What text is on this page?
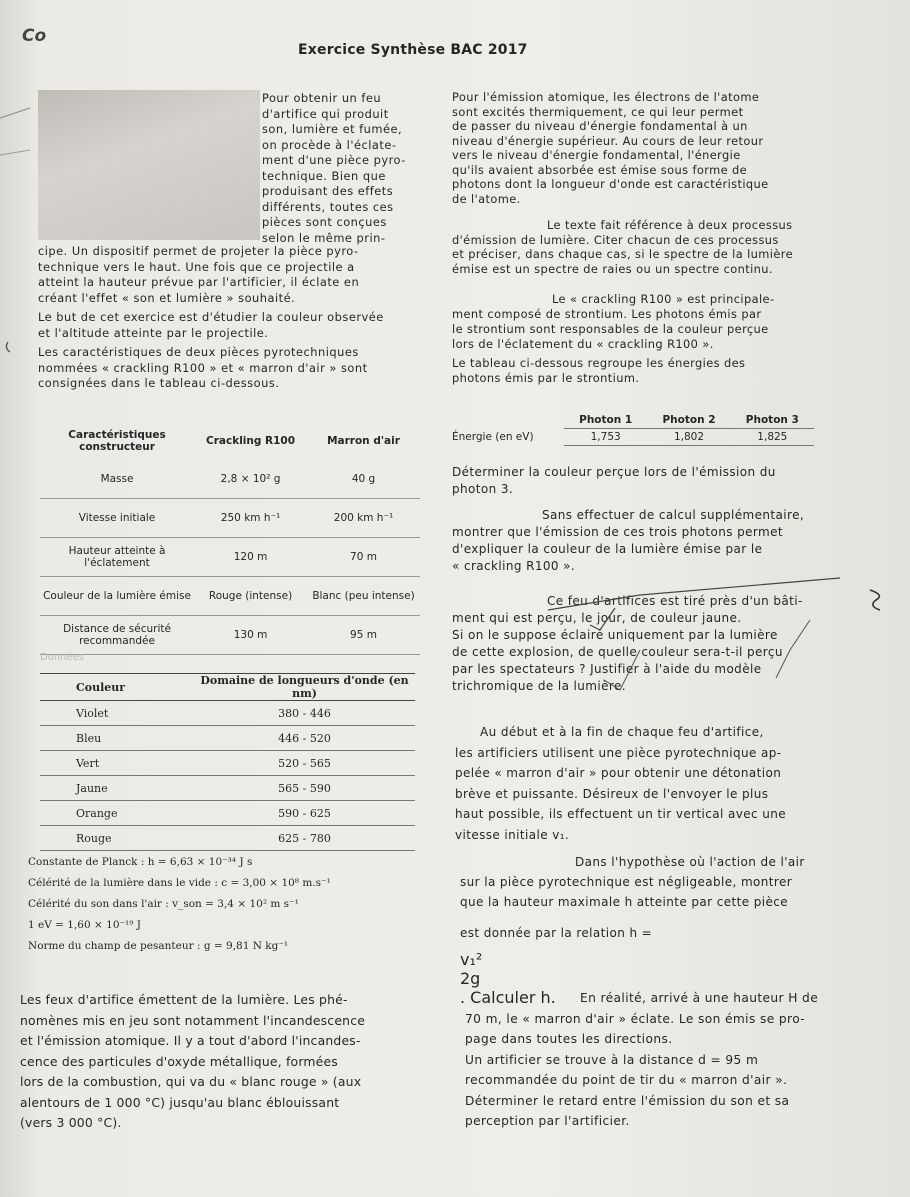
Co
Exercice Synthèse BAC 2017

Pour obtenir un feu

d'artifice qui produit

son, lumière et fumée,

on procède à l'éclate-

ment d'une pièce pyro-

technique. Bien que

produisant des effets

différents, toutes ces

pièces sont conçues

selon le même prin-

cipe. Un dispositif permet de projeter la pièce pyro-

technique vers le haut. Une fois que ce projectile a

atteint la hauteur prévue par l'artificier, il éclate en

créant l'effet « son et lumière » souhaité.

Le but de cet exercice est d'étudier la couleur observée

et l'altitude atteinte par le projectile.

Les caractéristiques de deux pièces pyrotechniques

nommées « crackling R100 » et « marron d'air » sont

consignées dans le tableau ci-dessous.

Caractéristiques constructeur	Crackling R100	Marron d'air
Masse	2,8 × 10² g	40 g
Vitesse initiale	250 km h⁻¹	200 km h⁻¹
Hauteur atteinte à l'éclatement	120 m	70 m
Couleur de la lumière émise	Rouge (intense)	Blanc (peu intense)
Distance de sécurité recommandée	130 m	95 m
Données
Couleur	Domaine de longueurs d'onde (en nm)
Violet	380 - 446
Bleu	446 - 520
Vert	520 - 565
Jaune	565 - 590
Orange	590 - 625
Rouge	625 - 780
Constante de Planck : h = 6,63 × 10⁻³⁴ J s
Célérité de la lumière dans le vide : c = 3,00 × 10⁸ m.s⁻¹
Célérité du son dans l'air : v_son = 3,4 × 10² m s⁻¹
1 eV = 1,60 × 10⁻¹⁹ J
Norme du champ de pesanteur : g = 9,81 N kg⁻¹

Les feux d'artifice émettent de la lumière. Les phé-

nomènes mis en jeu sont notamment l'incandescence

et l'émission atomique. Il y a tout d'abord l'incandes-

cence des particules d'oxyde métallique, formées

lors de la combustion, qui va du « blanc rouge » (aux

alentours de 1 000 °C) jusqu'au blanc éblouissant

(vers 3 000 °C).

Pour l'émission atomique, les électrons de l'atome

sont excités thermiquement, ce qui leur permet

de passer du niveau d'énergie fondamental à un

niveau d'énergie supérieur. Au cours de leur retour

vers le niveau d'énergie fondamental, l'énergie

qu'ils avaient absorbée est émise sous forme de

photons dont la longueur d'onde est caractéristique

de l'atome.

Le texte fait référence à deux processus

d'émission de lumière. Citer chacun de ces processus

et préciser, dans chaque cas, si le spectre de la lumière

émise est un spectre de raies ou un spectre continu.

Le « crackling R100 » est principale-

ment composé de strontium. Les photons émis par

le strontium sont responsables de la couleur perçue

lors de l'éclatement du « crackling R100 ».

Le tableau ci-dessous regroupe les énergies des

photons émis par le strontium.

	Photon 1	Photon 2	Photon 3
Énergie (en eV)	1,753	1,802	1,825

Déterminer la couleur perçue lors de l'émission du

photon 3.

Sans effectuer de calcul supplémentaire,

montrer que l'émission de ces trois photons permet

d'expliquer la couleur de la lumière émise par le

« crackling R100 ».

Ce feu d'artifices est tiré près d'un bâti-

ment qui est perçu, le jour, de couleur jaune.

Si on le suppose éclairé uniquement par la lumière

de cette explosion, de quelle couleur sera-t-il perçu

par les spectateurs ? Justifier à l'aide du modèle

trichromique de la lumière.

Au début et à la fin de chaque feu d'artifice,

les artificiers utilisent une pièce pyrotechnique ap-

pelée « marron d'air » pour obtenir une détonation

brève et puissante. Désireux de l'envoyer le plus

haut possible, ils effectuent un tir vertical avec une

vitesse initiale v₁.

Dans l'hypothèse où l'action de l'air

sur la pièce pyrotechnique est négligeable, montrer

que la hauteur maximale h atteinte par cette pièce

est donnée par la relation h =

v₁²
2g
. Calculer h.	En réalité, arrivé à une hauteur H de

70 m, le « marron d'air » éclate. Le son émis se pro-

page dans toutes les directions.

Un artificier se trouve à la distance d = 95 m

recommandée du point de tir du « marron d'air ».

Déterminer le retard entre l'émission du son et sa

perception par l'artificier.
